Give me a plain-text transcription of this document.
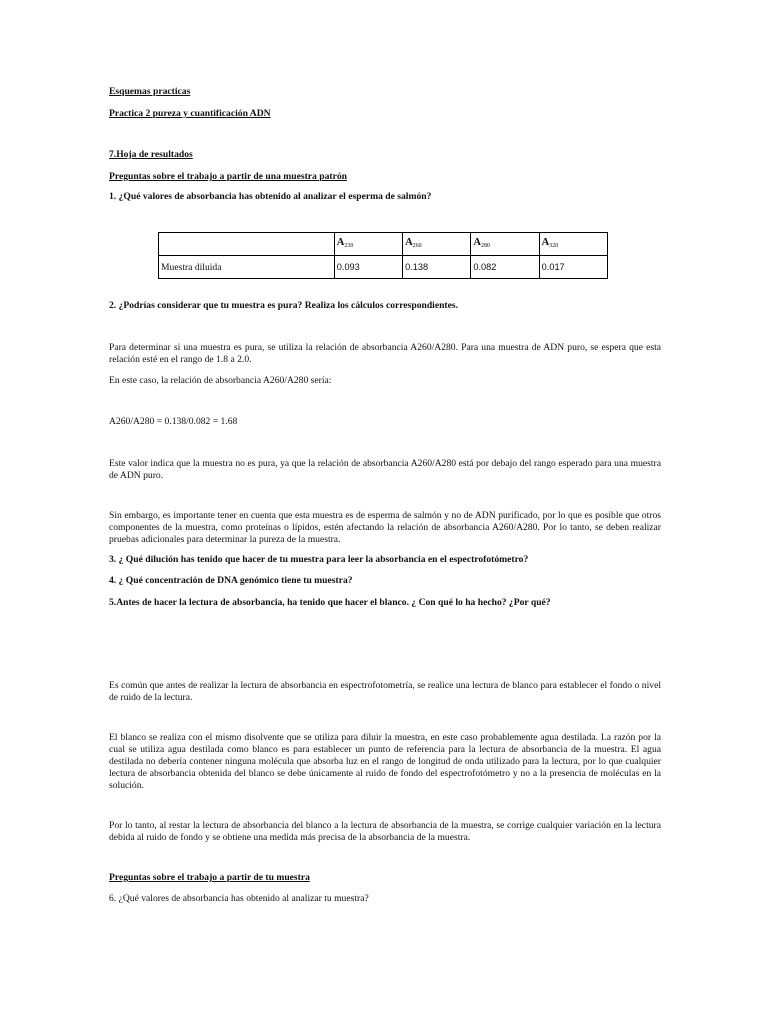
Esquemas practicas

Practica 2 pureza y cuantificación ADN

7.Hoja de resultados

Preguntas sobre el trabajo a partir de una muestra patrón

1. ¿Qué valores de absorbancia has obtenido al analizar el esperma de salmón?

	$A_{230}$	$A_{260}$	$A_{280}$	$A_{320}$
Muestra diluida	0.093	0.138	0.082	0.017

2. ¿Podrías considerar que tu muestra es pura? Realiza los cálculos correspondientes.

Para determinar si una muestra es pura, se utiliza la relación de absorbancia A260/A280. Para una muestra de ADN puro, se espera que esta relación esté en el rango de 1.8 a 2.0.

En este caso, la relación de absorbancia A260/A280 sería:

A260/A280 = 0.138/0.082 = 1.68

Este valor indica que la muestra no es pura, ya que la relación de absorbancia A260/A280 está por debajo del rango esperado para una muestra de ADN puro.

Sin embargo, es importante tener en cuenta que esta muestra es de esperma de salmón y no de ADN purificado, por lo que es posible que otros componentes de la muestra, como proteínas o lípidos, estén afectando la relación de absorbancia A260/A280. Por lo tanto, se deben realizar pruebas adicionales para determinar la pureza de la muestra.

3. ¿ Qué dilución has tenido que hacer de tu muestra para leer la absorbancia en el espectrofotómetro?

4. ¿ Qué concentración de DNA genómico tiene tu muestra?

5.Antes de hacer la lectura de absorbancia, ha tenido que hacer el blanco. ¿ Con qué lo ha hecho? ¿Por qué?

Es común que antes de realizar la lectura de absorbancia en espectrofotometría, se realice una lectura de blanco para establecer el fondo o nivel de ruido de la lectura.

El blanco se realiza con el mismo disolvente que se utiliza para diluir la muestra, en este caso probablemente agua destilada. La razón por la cual se utiliza agua destilada como blanco es para establecer un punto de referencia para la lectura de absorbancia de la muestra. El agua destilada no debería contener ninguna molécula que absorba luz en el rango de longitud de onda utilizado para la lectura, por lo que cualquier lectura de absorbancia obtenida del blanco se debe únicamente al ruido de fondo del espectrofotómetro y no a la presencia de moléculas en la solución.

Por lo tanto, al restar la lectura de absorbancia del blanco a la lectura de absorbancia de la muestra, se corrige cualquier variación en la lectura debida al ruido de fondo y se obtiene una medida más precisa de la absorbancia de la muestra.

Preguntas sobre el trabajo a partir de tu muestra

6. ¿Qué valores de absorbancia has obtenido al analizar tu muestra?
